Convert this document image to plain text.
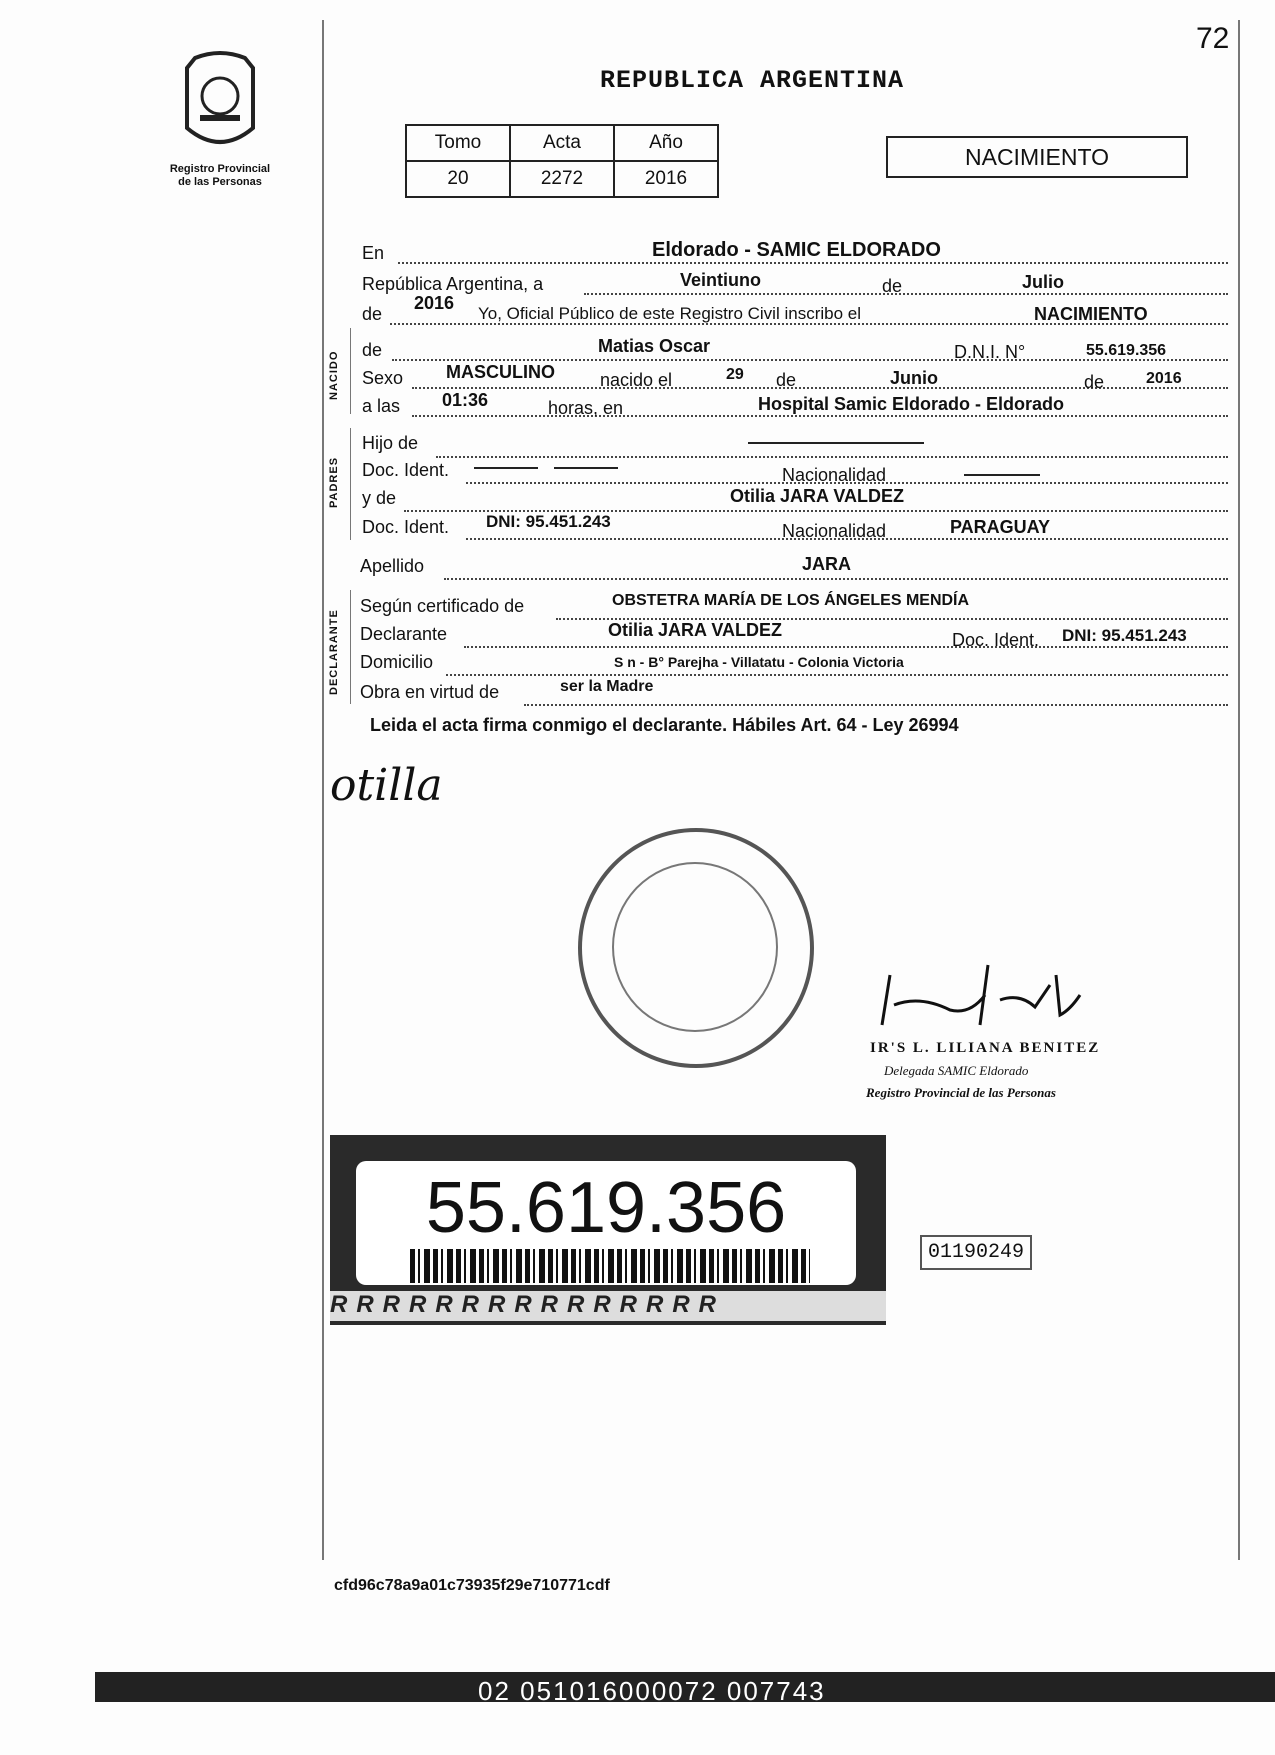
72
Registro Provincial
de las Personas
REPUBLICA ARGENTINA
Tomo	Acta	Año
20	2272	2016
NACIMIENTO
En	Eldorado - SAMIC ELDORADO
República Argentina, a	Veintiuno	de	Julio
de
2016
Yo, Oficial Público de este Registro Civil inscribo el	NACIMIENTO
NACIDO
de	Matias Oscar	D.N.I. N°	55.619.356
Sexo MASCULINO	nacido el	29 de	Junio	de	2016
a las 01:36	horas, en	Hospital Samic Eldorado - Eldorado
PADRES
Hijo de
Doc. Ident.	Nacionalidad
y de	Otilia JARA VALDEZ
Doc. Ident. DNI: 95.451.243	Nacionalidad	PARAGUAY
Apellido	JARA
DECLARANTE
Según certificado de	OBSTETRA MARÍA DE LOS ÁNGELES MENDÍA
Declarante	Otilia JARA VALDEZ	Doc. Ident. DNI: 95.451.243
Domicilio	S n - B° Parejha - Villatatu - Colonia Victoria
Obra en virtud de	ser la Madre
Leida el acta firma conmigo el declarante. Hábiles Art. 64 - Ley 26994
otilla
IR'S L. LILIANA BENITEZ
Delegada SAMIC Eldorado
Registro Provincial de las Personas
55.619.356
RRRRRRRRRRRRRRR
01190249
cfd96c78a9a01c73935f29e710771cdf
02 051016000072 007743
